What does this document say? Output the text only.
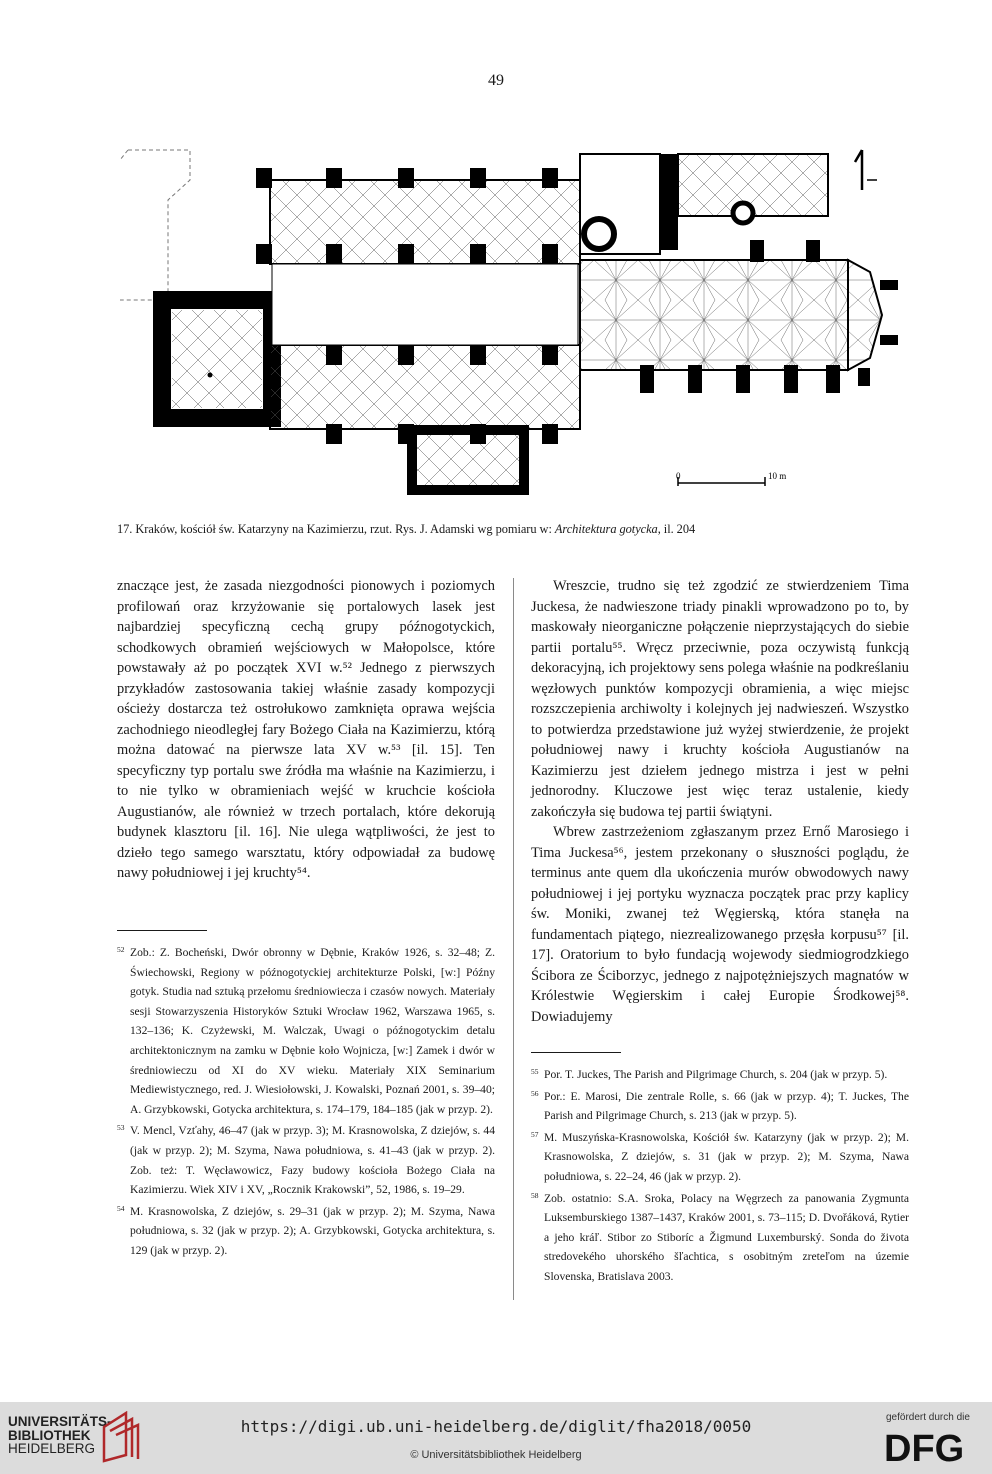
49
0	10 m
17. Kraków, kościół św. Katarzyny na Kazimierzu, rzut. Rys. J. Adamski wg pomiaru w: Architektura gotycka, il. 204

znaczące jest, że zasada niezgodności pionowych i poziomych profilowań oraz krzyżowanie się portalowych lasek jest najbardziej specyficzną cechą grupy późnogotyckich, schodkowych obramień wejściowych w Małopolsce, które powstawały aż po początek XVI w.⁵² Jednego z pierwszych przykładów zastosowania takiej właśnie zasady kompozycji ościeży dostarcza też ostrołukowo zamknięta oprawa wejścia zachodniego nieodległej fary Bożego Ciała na Kazimierzu, którą można datować na pierwsze lata XV w.⁵³ [il. 15]. Ten specyficzny typ portalu swe źródła ma właśnie na Kazimierzu, i to nie tylko w obramieniach wejść w kruchcie kościoła Augustianów, ale również w trzech portalach, które dekorują budynek klasztoru [il. 16]. Nie ulega wątpliwości, że jest to dzieło tego samego warsztatu, który odpowiadał za budowę nawy południowej i jej kruchty⁵⁴.

Wreszcie, trudno się też zgodzić ze stwierdzeniem Tima Juckesa, że nadwieszone triady pinakli wprowadzono po to, by maskowały nieorganiczne połączenie nieprzystających do siebie partii portalu⁵⁵. Wręcz przeciwnie, poza oczywistą funkcją dekoracyjną, ich projektowy sens polega właśnie na podkreślaniu węzłowych punktów kompozycji obramienia, a więc miejsc rozszczepienia archiwolty i kolejnych jej nadwieszeń. Wszystko to potwierdza przedstawione już wyżej stwierdzenie, że projekt południowej nawy i kruchty kościoła Augustianów na Kazimierzu jest dziełem jednego mistrza i jest w pełni jednorodny. Kluczowe jest więc teraz ustalenie, kiedy zakończyła się budowa tej partii świątyni.

Wbrew zastrzeżeniom zgłaszanym przez Ernő Marosiego i Tima Juckesa⁵⁶, jestem przekonany o słuszności poglądu, że terminus ante quem dla ukończenia murów obwodowych nawy południowej i jej portyku wyznacza początek prac przy kaplicy św. Moniki, zwanej też Węgierską, która stanęła na fundamentach piątego, niezrealizowanego przęsła korpusu⁵⁷ [il. 17]. Oratorium to było fundacją wojewody siedmiogrodzkiego Ścibora ze Ściborzyc, jednego z najpotężniejszych magnatów w Królestwie Węgierskim i całej Europie Środkowej⁵⁸. Dowiadujemy

52 Zob.: Z. Bocheński, Dwór obronny w Dębnie, Kraków 1926, s. 32–48; Z. Świechowski, Regiony w późnogotyckiej architekturze Polski, [w:] Późny gotyk. Studia nad sztuką przełomu średniowiecza i czasów nowych. Materiały sesji Stowarzyszenia Historyków Sztuki Wrocław 1962, Warszawa 1965, s. 132–136; K. Czyżewski, M. Walczak, Uwagi o późnogotyckim detalu architektonicznym na zamku w Dębnie koło Wojnicza, [w:] Zamek i dwór w średniowieczu od XI do XV wieku. Materiały XIX Seminarium Mediewistycznego, red. J. Wiesiołowski, J. Kowalski, Poznań 2001, s. 39–40; A. Grzybkowski, Gotycka architektura, s. 174–179, 184–185 (jak w przyp. 2).
53 V. Mencl, Vzťahy, 46–47 (jak w przyp. 3); M. Krasnowolska, Z dziejów, s. 44 (jak w przyp. 2); M. Szyma, Nawa południowa, s. 41–43 (jak w przyp. 2). Zob. też: T. Węcławowicz, Fazy budowy kościoła Bożego Ciała na Kazimierzu. Wiek XIV i XV, „Rocznik Krakowski”, 52, 1986, s. 19–29.
54 M. Krasnowolska, Z dziejów, s. 29–31 (jak w przyp. 2); M. Szyma, Nawa południowa, s. 32 (jak w przyp. 2); A. Grzybkowski, Gotycka architektura, s. 129 (jak w przyp. 2).
55 Por. T. Juckes, The Parish and Pilgrimage Church, s. 204 (jak w przyp. 5).
56 Por.: E. Marosi, Die zentrale Rolle, s. 66 (jak w przyp. 4); T. Juckes, The Parish and Pilgrimage Church, s. 213 (jak w przyp. 5).
57 M. Muszyńska-Krasnowolska, Kościół św. Katarzyny (jak w przyp. 2); M. Krasnowolska, Z dziejów, s. 31 (jak w przyp. 2); M. Szyma, Nawa południowa, s. 22–24, 46 (jak w przyp. 2).
58 Zob. ostatnio: S.A. Sroka, Polacy na Węgrzech za panowania Zygmunta Luksemburskiego 1387–1437, Kraków 2001, s. 73–115; D. Dvořáková, Rytier a jeho kráľ. Stibor zo Stiboríc a Žigmund Luxemburský. Sonda do života stredovekého uhorského šľachtica, s osobitným zreteľom na územie Slovenska, Bratislava 2003.
UNIVERSITÄTS-
BIBLIOTHEK
HEIDELBERG
https://digi.ub.uni-heidelberg.de/diglit/fha2018/0050
© Universitätsbibliothek Heidelberg
gefördert durch die
DFG
